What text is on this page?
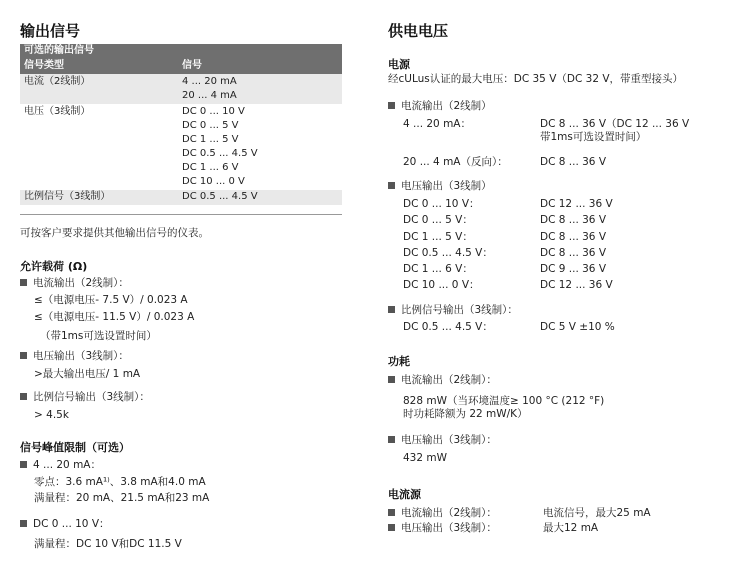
输出信号
可选的输出信号	
信号类型	信号
电流（2线制）	4 ... 20 mA
	20 ... 4 mA
电压（3线制）	DC 0 ... 10 V
	DC 0 ... 5 V
	DC 1 ... 5 V
	DC 0.5 ... 4.5 V
	DC 1 ... 6 V
	DC 10 ... 0 V
比例信号（3线制）	DC 0.5 ... 4.5 V
可按客户要求提供其他输出信号的仪表。
允许载荷 (Ω)
电流输出（2线制）：
≤（电源电压- 7.5 V）/ 0.023 A
≤（电源电压- 11.5 V）/ 0.023 A
（带1ms可选设置时间）
电压输出（3线制）：
>最大输出电压/ 1 mA
比例信号输出（3线制）：
> 4.5k
信号峰值限制（可选）
4 ... 20 mA：
零点：3.6 mA¹⁾、3.8 mA和4.0 mA
满量程：20 mA、21.5 mA和23 mA
DC 0 ... 10 V：
满量程：DC 10 V和DC 11.5 V
供电电压
电源
经cULus认证的最大电压：DC 35 V（DC 32 V，带重型接头）
电流输出（2线制）
4 ... 20 mA：	DC 8 ... 36 V（DC 12 ... 36 V
带1ms可选设置时间）
20 ... 4 mA（反向）：	DC 8 ... 36 V
电压输出（3线制）
DC 0 ... 10 V：	DC 12 ... 36 V
DC 0 ... 5 V：	DC 8 ... 36 V
DC 1 ... 5 V：	DC 8 ... 36 V
DC 0.5 ... 4.5 V：	DC 8 ... 36 V
DC 1 ... 6 V：	DC 9 ... 36 V
DC 10 ... 0 V：	DC 12 ... 36 V
比例信号输出（3线制）：
DC 0.5 ... 4.5 V：	DC 5 V ±10 %
功耗
电流输出（2线制）：
828 mW（当环境温度≥ 100 °C (212 °F)
时功耗降额为 22 mW/K）
电压输出（3线制）：
432 mW
电流源
电流输出（2线制）：	电流信号，最大25 mA
电压输出（3线制）：	最大12 mA
